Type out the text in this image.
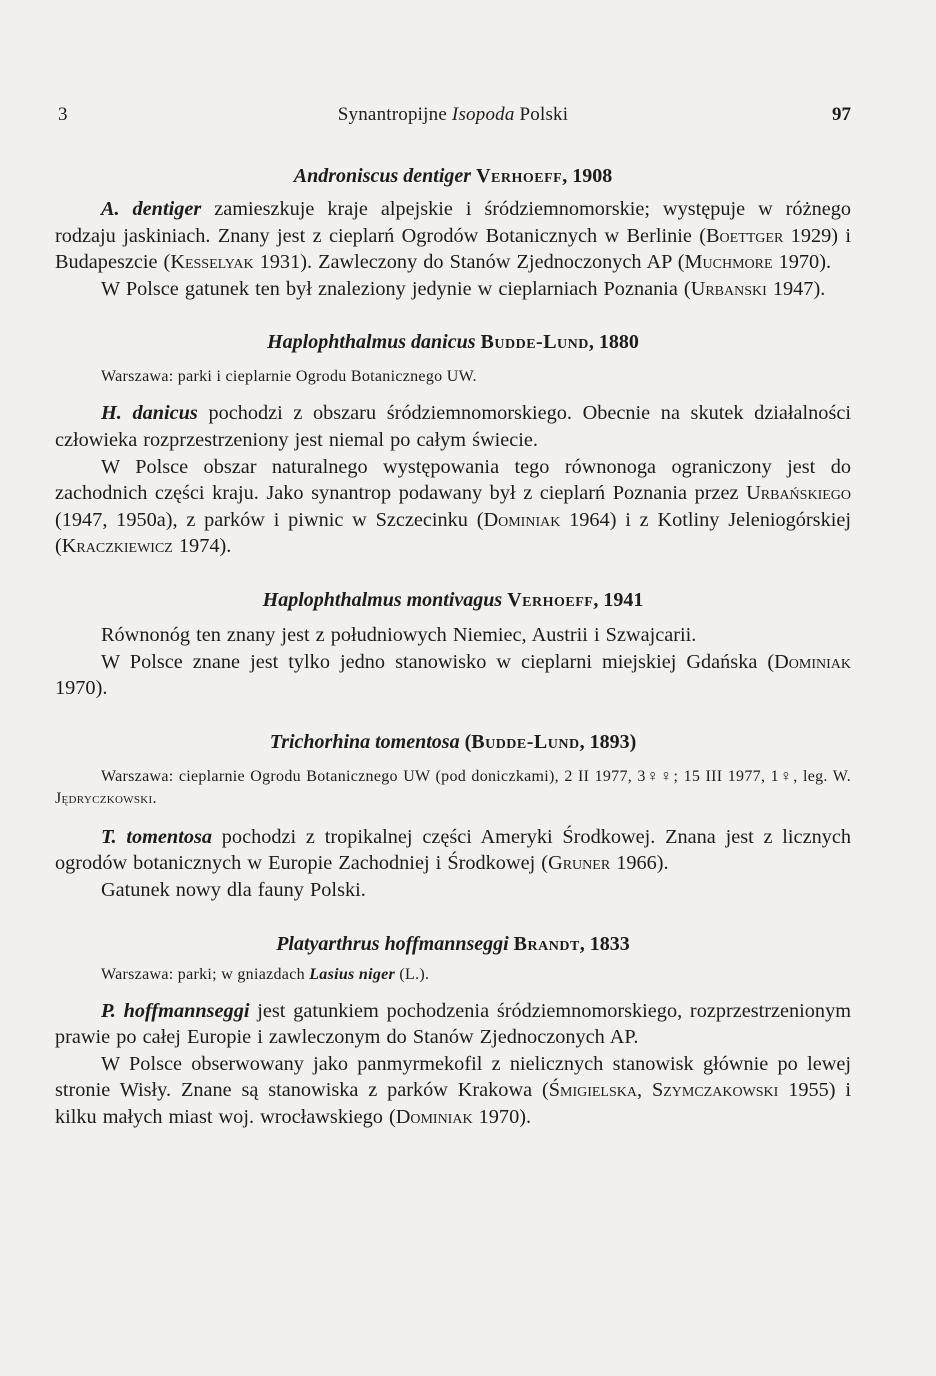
3	Synantropijne Isopoda Polski	97
Androniscus dentiger Verhoeff, 1908

A. dentiger zamieszkuje kraje alpejskie i śródziemnomorskie; występuje w różnego rodzaju jaskiniach. Znany jest z cieplarń Ogrodów Botanicznych w Berlinie (Boettger 1929) i Budapeszcie (Kesselyak 1931). Zawleczony do Stanów Zjednoczonych AP (Muchmore 1970).

W Polsce gatunek ten był znaleziony jedynie w cieplarniach Poznania (Urbanski 1947).

Haplophthalmus danicus Budde-Lund, 1880

Warszawa: parki i cieplarnie Ogrodu Botanicznego UW.

H. danicus pochodzi z obszaru śródziemnomorskiego. Obecnie na skutek działalności człowieka rozprzestrzeniony jest niemal po całym świecie.

W Polsce obszar naturalnego występowania tego równonoga ograniczony jest do zachodnich części kraju. Jako synantrop podawany był z cieplarń Poznania przez Urbańskiego (1947, 1950a), z parków i piwnic w Szczecinku (Dominiak 1964) i z Kotliny Jeleniogórskiej (Kraczkiewicz 1974).

Haplophthalmus montivagus Verhoeff, 1941

Równonóg ten znany jest z południowych Niemiec, Austrii i Szwajcarii.

W Polsce znane jest tylko jedno stanowisko w cieplarni miejskiej Gdańska (Dominiak 1970).

Trichorhina tomentosa (Budde-Lund, 1893)

Warszawa: cieplarnie Ogrodu Botanicznego UW (pod doniczkami), 2 II 1977, 3♀♀; 15 III 1977, 1♀, leg. W. Jędryczkowski.

T. tomentosa pochodzi z tropikalnej części Ameryki Środkowej. Znana jest z licznych ogrodów botanicznych w Europie Zachodniej i Środkowej (Gruner 1966).

Gatunek nowy dla fauny Polski.

Platyarthrus hoffmannseggi Brandt, 1833

Warszawa: parki; w gniazdach Lasius niger (L.).

P. hoffmannseggi jest gatunkiem pochodzenia śródziemnomorskiego, rozprzestrzenionym prawie po całej Europie i zawleczonym do Stanów Zjednoczonych AP.

W Polsce obserwowany jako panmyrmekofil z nielicznych stanowisk głównie po lewej stronie Wisły. Znane są stanowiska z parków Krakowa (Śmigielska, Szymczakowski 1955) i kilku małych miast woj. wrocławskiego (Dominiak 1970).
